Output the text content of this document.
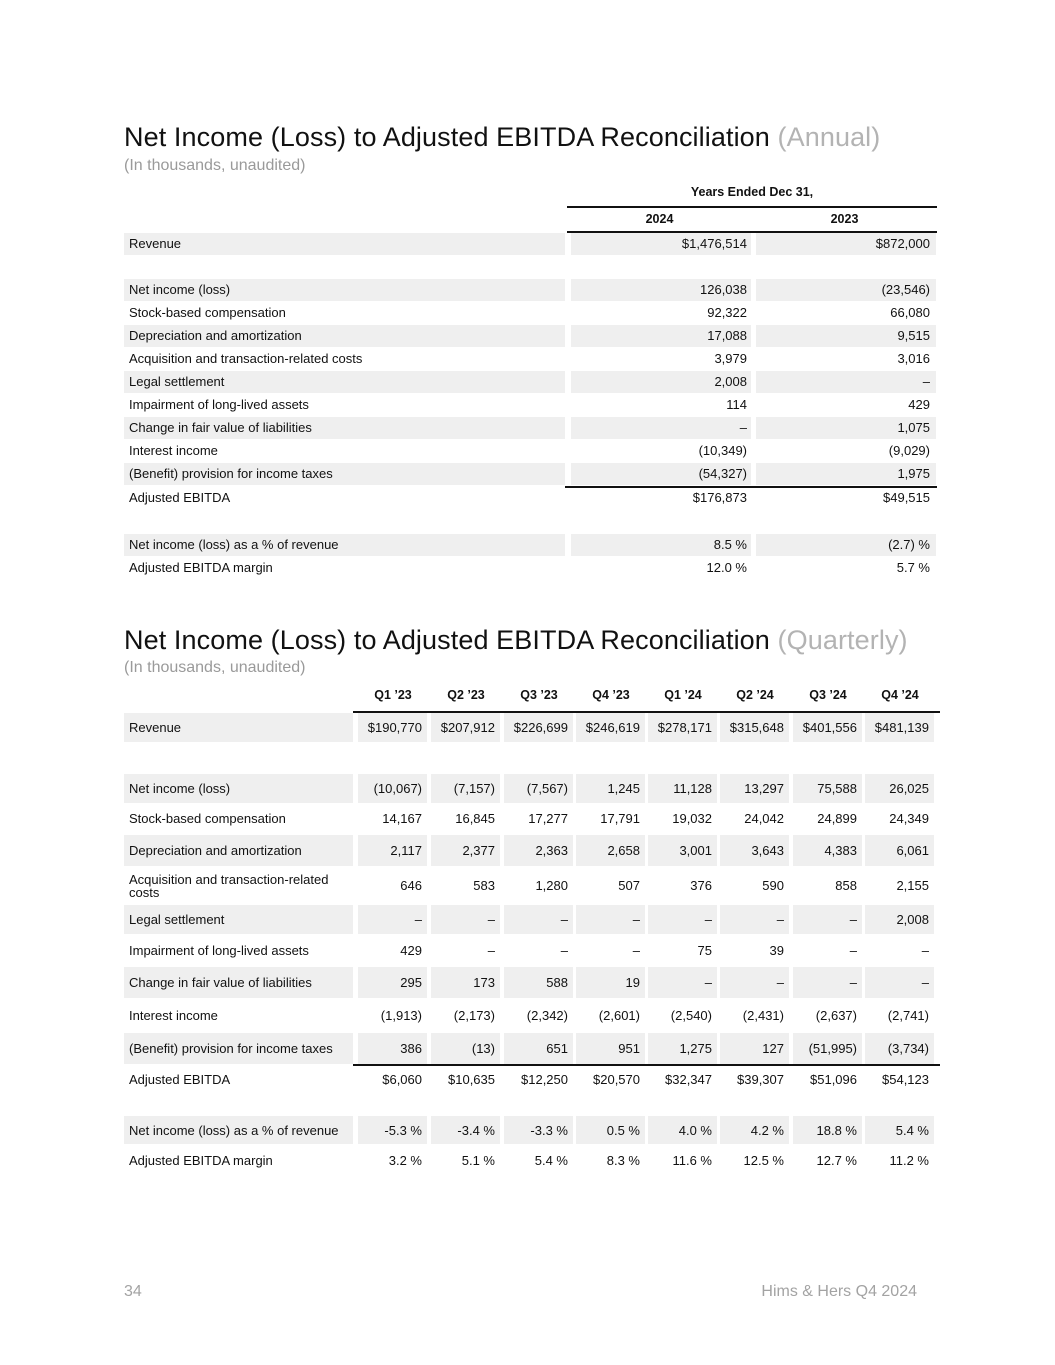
Net Income (Loss) to Adjusted EBITDA Reconciliation (Annual)
(In thousands, unaudited)
Years Ended Dec 31,
2024	2023
Revenue	$1,476,514	$872,000
Net income (loss)	126,038	(23,546)
Stock-based compensation	92,322	66,080
Depreciation and amortization	17,088	9,515
Acquisition and transaction-related costs	3,979	3,016
Legal settlement	2,008	–
Impairment of long-lived assets	114	429
Change in fair value of liabilities	–	1,075
Interest income	(10,349)	(9,029)
(Benefit) provision for income taxes	(54,327)	1,975
Adjusted EBITDA	$176,873	$49,515
Net income (loss) as a % of revenue	8.5 %	(2.7) %
Adjusted EBITDA margin	12.0 %	5.7 %
Net Income (Loss) to Adjusted EBITDA Reconciliation (Quarterly)
(In thousands, unaudited)
Q1 ’23	Q2 ’23	Q3 ’23	Q4 ’23	Q1 ’24	Q2 ’24	Q3 ’24	Q4 ’24
Revenue	$190,770	$207,912	$226,699	$246,619	$278,171	$315,648	$401,556	$481,139
Net income (loss)	(10,067)	(7,157)	(7,567)	1,245	11,128	13,297	75,588	26,025
Stock-based compensation	14,167	16,845	17,277	17,791	19,032	24,042	24,899	24,349
Depreciation and amortization	2,117	2,377	2,363	2,658	3,001	3,643	4,383	6,061
Acquisition and transaction-related costs	646	583	1,280	507	376	590	858	2,155
Legal settlement	–	–	–	–	–	–	–	2,008
Impairment of long-lived assets	429	–	–	–	75	39	–	–
Change in fair value of liabilities	295	173	588	19	–	–	–	–
Interest income	(1,913)	(2,173)	(2,342)	(2,601)	(2,540)	(2,431)	(2,637)	(2,741)
(Benefit) provision for income taxes	386	(13)	651	951	1,275	127	(51,995)	(3,734)
Adjusted EBITDA	$6,060	$10,635	$12,250	$20,570	$32,347	$39,307	$51,096	$54,123
Net income (loss) as a % of revenue	-5.3 %	-3.4 %	-3.3 %	0.5 %	4.0 %	4.2 %	18.8 %	5.4 %
Adjusted EBITDA margin	3.2 %	5.1 %	5.4 %	8.3 %	11.6 %	12.5 %	12.7 %	11.2 %
34	Hims & Hers Q4 2024
